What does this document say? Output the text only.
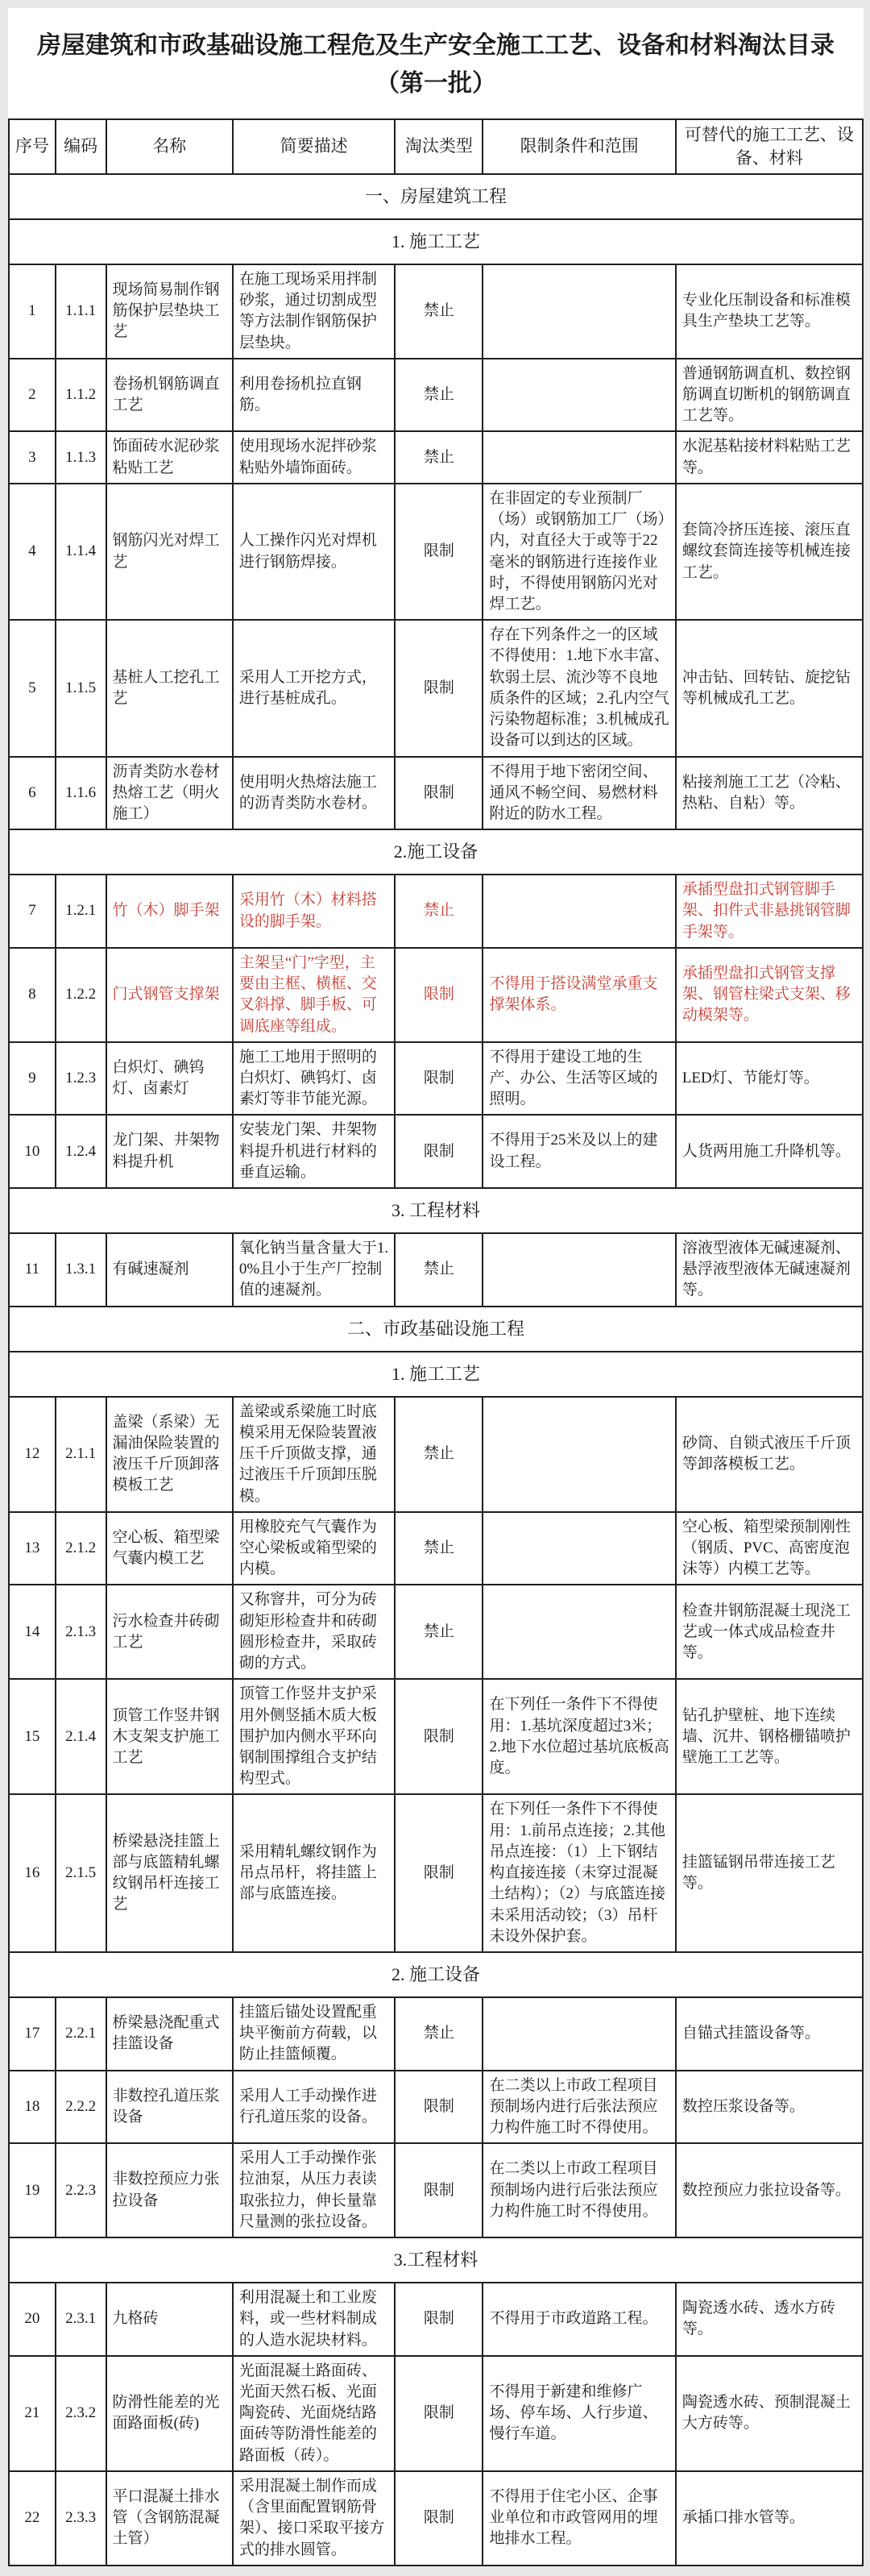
房屋建筑和市政基础设施工程危及生产安全施工工艺、设备和材料淘汰目录（第一批）
序号	编码	名称	简要描述	淘汰类型	限制条件和范围	可替代的施工工艺、设备、材料
一、房屋建筑工程						
1. 施工工艺						
1	1.1.1	现场简易制作钢筋保护层垫块工艺	在施工现场采用拌制砂浆，通过切割成型等方法制作钢筋保护层垫块。	禁止		专业化压制设备和标准模具生产垫块工艺等。
2	1.1.2	卷扬机钢筋调直工艺	利用卷扬机拉直钢筋。	禁止		普通钢筋调直机、数控钢筋调直切断机的钢筋调直工艺等。
3	1.1.3	饰面砖水泥砂浆粘贴工艺	使用现场水泥拌砂浆粘贴外墙饰面砖。	禁止		水泥基粘接材料粘贴工艺等。
4	1.1.4	钢筋闪光对焊工艺	人工操作闪光对焊机进行钢筋焊接。	限制	在非固定的专业预制厂（场）或钢筋加工厂（场）内，对直径大于或等于22毫米的钢筋进行连接作业时，不得使用钢筋闪光对焊工艺。	套筒冷挤压连接、滚压直螺纹套筒连接等机械连接工艺。
5	1.1.5	基桩人工挖孔工艺	采用人工开挖方式，进行基桩成孔。	限制	存在下列条件之一的区域不得使用：1.地下水丰富、软弱土层、流沙等不良地质条件的区域；2.孔内空气污染物超标准；3.机械成孔设备可以到达的区域。	冲击钻、回转钻、旋挖钻等机械成孔工艺。
6	1.1.6	沥青类防水卷材热熔工艺（明火施工）	使用明火热熔法施工的沥青类防水卷材。	限制	不得用于地下密闭空间、通风不畅空间、易燃材料附近的防水工程。	粘接剂施工工艺（冷粘、热粘、自粘）等。
2.施工设备						
7	1.2.1	竹（木）脚手架	采用竹（木）材料搭设的脚手架。	禁止		承插型盘扣式钢管脚手架、扣件式非悬挑钢管脚手架等。
8	1.2.2	门式钢管支撑架	主架呈“门”字型，主要由主框、横框、交叉斜撑、脚手板、可调底座等组成。	限制	不得用于搭设满堂承重支撑架体系。	承插型盘扣式钢管支撑架、钢管柱梁式支架、移动模架等。
9	1.2.3	白炽灯、碘钨灯、卤素灯	施工工地用于照明的白炽灯、碘钨灯、卤素灯等非节能光源。	限制	不得用于建设工地的生产、办公、生活等区域的照明。	LED灯、节能灯等。
10	1.2.4	龙门架、井架物料提升机	安装龙门架、井架物料提升机进行材料的垂直运输。	限制	不得用于25米及以上的建设工程。	人货两用施工升降机等。
3. 工程材料						
11	1.3.1	有碱速凝剂	氧化钠当量含量大于1.0%且小于生产厂控制值的速凝剂。	禁止		溶液型液体无碱速凝剂、悬浮液型液体无碱速凝剂等。
二、市政基础设施工程						
1. 施工工艺						
12	2.1.1	盖梁（系梁）无漏油保险装置的液压千斤顶卸落模板工艺	盖梁或系梁施工时底模采用无保险装置液压千斤顶做支撑，通过液压千斤顶卸压脱模。	禁止		砂筒、自锁式液压千斤顶等卸落模板工艺。
13	2.1.2	空心板、箱型梁气囊内模工艺	用橡胶充气气囊作为空心梁板或箱型梁的内模。	禁止		空心板、箱型梁预制刚性（钢质、PVC、高密度泡沫等）内模工艺等。
14	2.1.3	污水检查井砖砌工艺	又称窨井，可分为砖砌矩形检查井和砖砌圆形检查井，采取砖砌的方式。	禁止		检查井钢筋混凝土现浇工艺或一体式成品检查井等。
15	2.1.4	顶管工作竖井钢木支架支护施工工艺	顶管工作竖井支护采用外侧竖插木质大板围护加内侧水平环向钢制围撑组合支护结构型式。	限制	在下列任一条件下不得使用：1.基坑深度超过3米；2.地下水位超过基坑底板高度。	钻孔护壁桩、地下连续墙、沉井、钢格栅锚喷护壁施工工艺等。
16	2.1.5	桥梁悬浇挂篮上部与底篮精轧螺纹钢吊杆连接工艺	采用精轧螺纹钢作为吊点吊杆，将挂篮上部与底篮连接。	限制	在下列任一条件下不得使用：1.前吊点连接；2.其他吊点连接：（1）上下钢结构直接连接（未穿过混凝土结构）；（2）与底篮连接未采用活动铰；（3）吊杆未设外保护套。	挂篮锰钢吊带连接工艺等。
2. 施工设备						
17	2.2.1	桥梁悬浇配重式挂篮设备	挂篮后锚处设置配重块平衡前方荷载，以防止挂篮倾覆。	禁止		自锚式挂篮设备等。
18	2.2.2	非数控孔道压浆设备	采用人工手动操作进行孔道压浆的设备。	限制	在二类以上市政工程项目预制场内进行后张法预应力构件施工时不得使用。	数控压浆设备等。
19	2.2.3	非数控预应力张拉设备	采用人工手动操作张拉油泵，从压力表读取张拉力，伸长量靠尺量测的张拉设备。	限制	在二类以上市政工程项目预制场内进行后张法预应力构件施工时不得使用。	数控预应力张拉设备等。
3.工程材料						
20	2.3.1	九格砖	利用混凝土和工业废料，或一些材料制成的人造水泥块材料。	限制	不得用于市政道路工程。	陶瓷透水砖、透水方砖等。
21	2.3.2	防滑性能差的光面路面板(砖)	光面混凝土路面砖、光面天然石板、光面陶瓷砖、光面烧结路面砖等防滑性能差的路面板（砖）。	限制	不得用于新建和维修广场、停车场、人行步道、慢行车道。	陶瓷透水砖、预制混凝土大方砖等。
22	2.3.3	平口混凝土排水管（含钢筋混凝土管）	采用混凝土制作而成（含里面配置钢筋骨架）、接口采取平接方式的排水圆管。	限制	不得用于住宅小区、企事业单位和市政管网用的埋地排水工程。	承插口排水管等。
